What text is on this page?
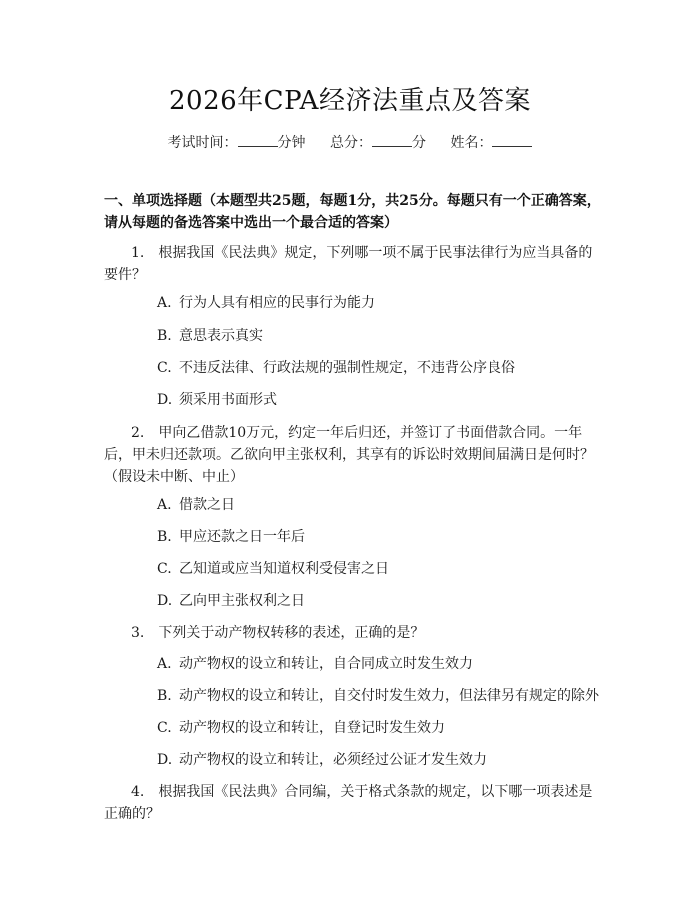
2026年CPA经济法重点及答案
考试时间：	分钟 总分：	分 姓名：
一、单项选择题（本题型共25题，每题1分，共25分。每题只有一个正确答案，请从每题的备选答案中选出一个最合适的答案）
1. 根据我国《民法典》规定，下列哪一项不属于民事法律行为应当具备的要件？
A. 行为人具有相应的民事行为能力
B. 意思表示真实
C. 不违反法律、行政法规的强制性规定，不违背公序良俗
D. 须采用书面形式
2. 甲向乙借款10万元，约定一年后归还，并签订了书面借款合同。一年后，甲未归还款项。乙欲向甲主张权利，其享有的诉讼时效期间届满日是何时？（假设未中断、中止）
A. 借款之日
B. 甲应还款之日一年后
C. 乙知道或应当知道权利受侵害之日
D. 乙向甲主张权利之日
3. 下列关于动产物权转移的表述，正确的是？
A. 动产物权的设立和转让，自合同成立时发生效力
B. 动产物权的设立和转让，自交付时发生效力，但法律另有规定的除外
C. 动产物权的设立和转让，自登记时发生效力
D. 动产物权的设立和转让，必须经过公证才发生效力
4. 根据我国《民法典》合同编，关于格式条款的规定，以下哪一项表述是正确的？
